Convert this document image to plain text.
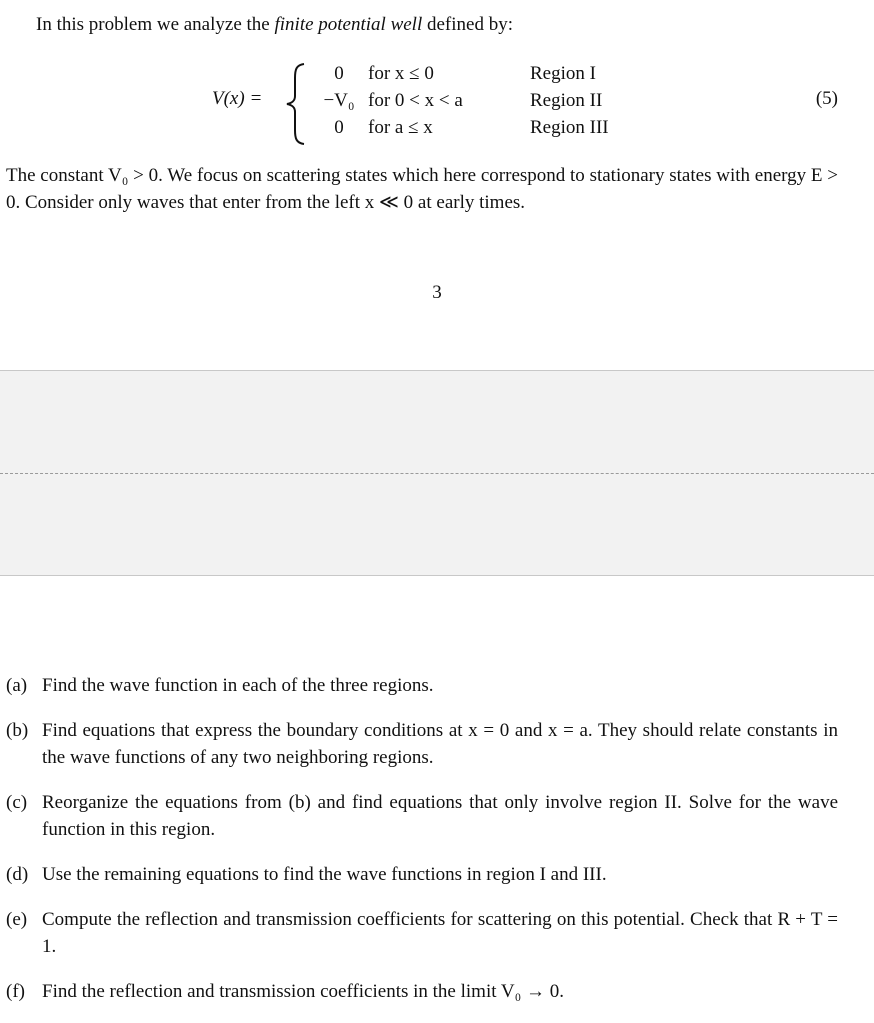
In this problem we analyze the finite potential well defined by:
V(x) =
0	for x ≤ 0	Region I
−V₀	for 0 < x < a	Region II
0	for a ≤ x	Region III
(5)
The constant V₀ > 0. We focus on scattering states which here correspond to stationary states with energy E > 0. Consider only waves that enter from the left x ≪ 0 at early times.
3
(a) Find the wave function in each of the three regions.
(b) Find equations that express the boundary conditions at x = 0 and x = a. They should relate constants in the wave functions of any two neighboring regions.
(c) Reorganize the equations from (b) and find equations that only involve region II. Solve for the wave function in this region.
(d) Use the remaining equations to find the wave functions in region I and III.
(e) Compute the reflection and transmission coefficients for scattering on this potential. Check that R + T = 1.
(f) Find the reflection and transmission coefficients in the limit V₀ → 0.
